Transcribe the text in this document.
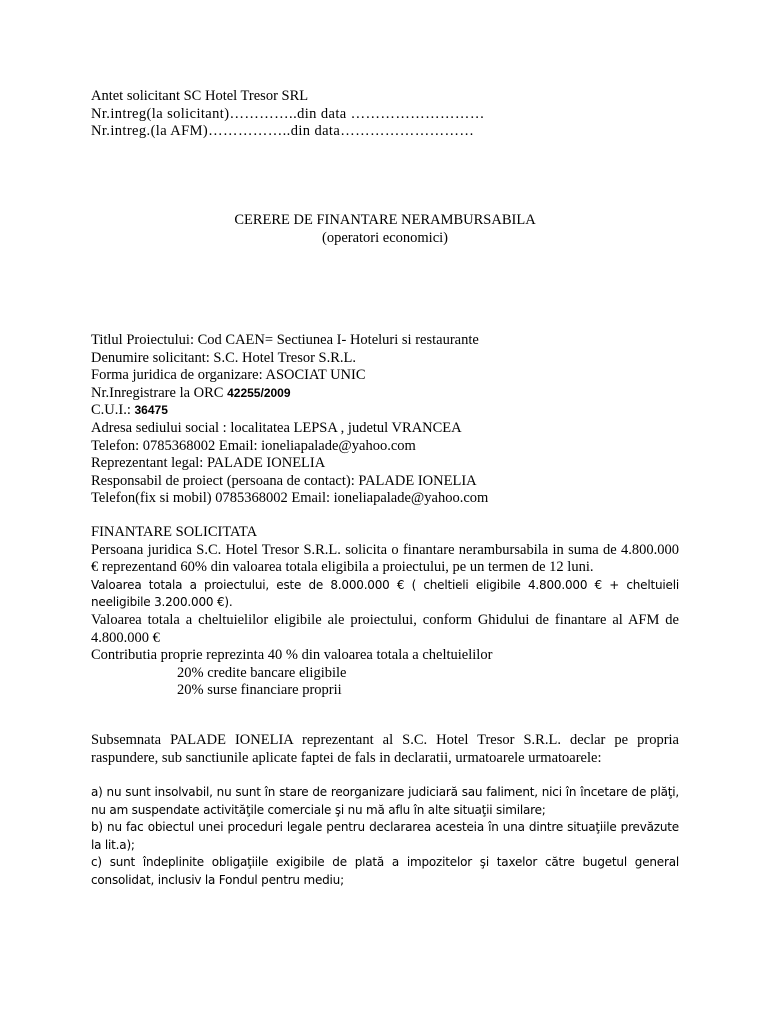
Antet solicitant SC Hotel Tresor SRL
Nr.intreg(la solicitant)…………..din data ………………………
Nr.intreg.(la AFM)……………..din data………………………
CERERE DE FINANTARE NERAMBURSABILA
(operatori economici)
Titlul Proiectului: Cod CAEN= Sectiunea I- Hoteluri si restaurante
Denumire solicitant: S.C. Hotel Tresor S.R.L.
Forma juridica de organizare: ASOCIAT UNIC
Nr.Inregistrare la ORC 42255/2009
C.U.I.: 36475
Adresa sediului social : localitatea LEPSA , judetul VRANCEA
Telefon: 0785368002 Email: ioneliapalade@yahoo.com
Reprezentant legal: PALADE IONELIA
Responsabil de proiect (persoana de contact): PALADE IONELIA
Telefon(fix si mobil) 0785368002 Email: ioneliapalade@yahoo.com
FINANTARE SOLICITATA
Persoana juridica S.C. Hotel Tresor S.R.L. solicita o finantare nerambursabila in suma de 4.800.000 € reprezentand 60% din valoarea totala eligibila a proiectului, pe un termen de 12 luni.
Valoarea totala a proiectului, este de 8.000.000 € ( cheltieli eligibile 4.800.000 € + cheltuieli neeligibile 3.200.000 €).
Valoarea totala a cheltuielilor eligibile ale proiectului, conform Ghidului de finantare al AFM de 4.800.000 €
Contributia proprie reprezinta 40 % din valoarea totala a cheltuielilor
20% credite bancare eligibile
20% surse financiare proprii
Subsemnata PALADE IONELIA reprezentant al S.C. Hotel Tresor S.R.L. declar pe propria raspundere, sub sanctiunile aplicate faptei de fals in declaratii, urmatoarele urmatoarele:
a) nu sunt insolvabil, nu sunt în stare de reorganizare judiciară sau faliment, nici în încetare de plăţi, nu am suspendate activităţile comerciale şi nu mă aflu în alte situaţii similare;
b) nu fac obiectul unei proceduri legale pentru declararea acesteia în una dintre situaţiile prevăzute la lit.a);
c) sunt îndeplinite obligaţiile exigibile de plată a impozitelor şi taxelor către bugetul general consolidat, inclusiv la Fondul pentru mediu;
